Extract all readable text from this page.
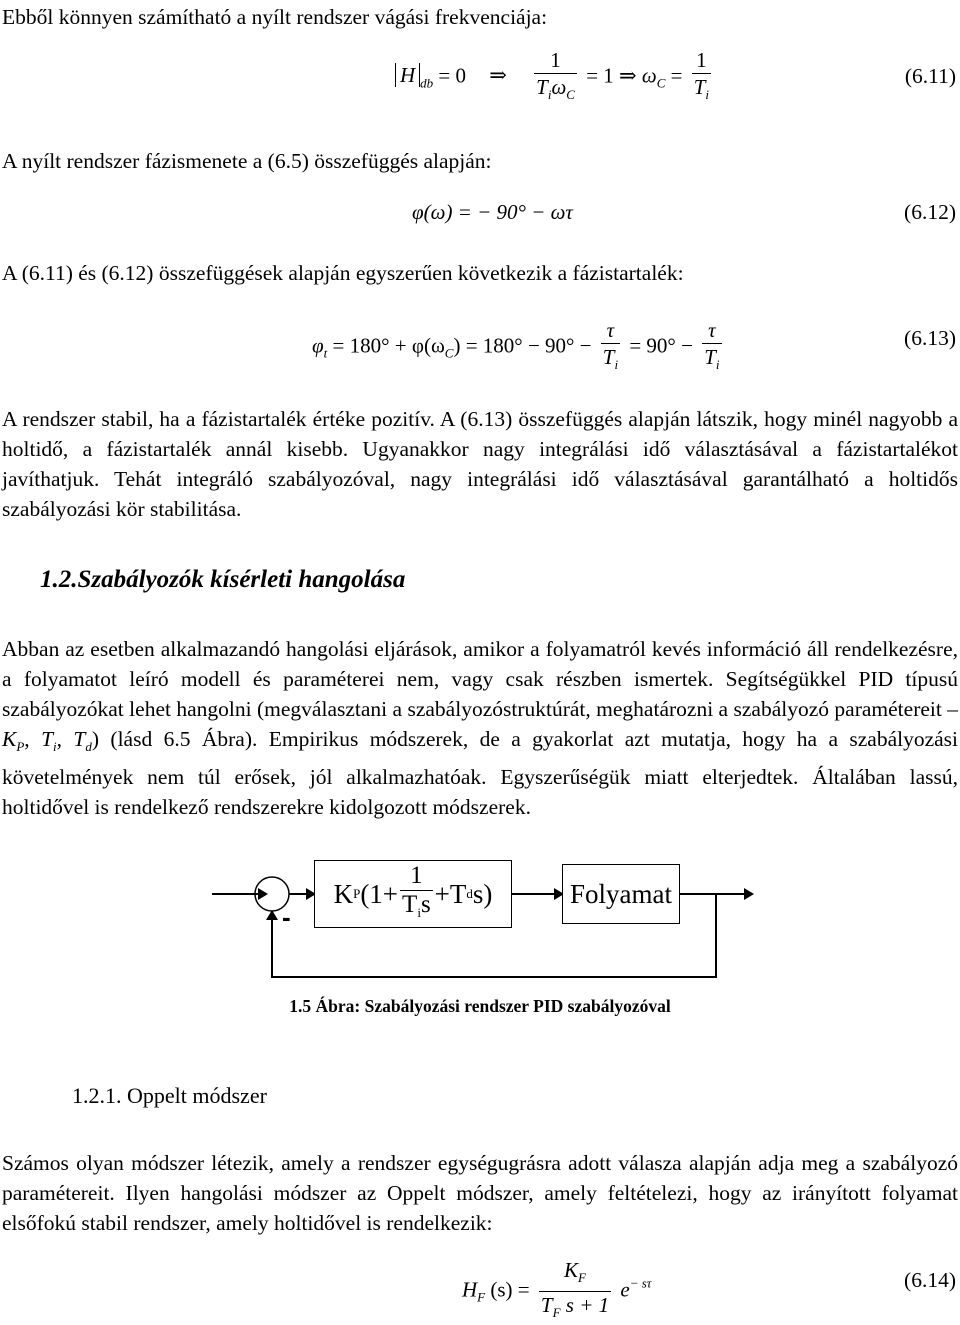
Ebből könnyen számítható a nyílt rendszer vágási frekvenciája:
H $_{db}$ = 0 ⇒ $\frac{1}{T_i\omega_C} = 1$ ⇒ $\omega_C = \frac{1}{T_i}$	(6.11)
A nyílt rendszer fázismenete a (6.5) összefüggés alapján:
φ(ω) = − 90° − ωτ	(6.12)
A (6.11) és (6.12) összefüggések alapján egyszerűen következik a fázistartalék:
$\varphi_t = 180^\circ + \varphi(\omega_C) = 180^\circ - 90^\circ - \frac{\tau}{T_i} = 90^\circ - \frac{\tau}{T_i}$	(6.13)

A rendszer stabil, ha a fázistartalék értéke pozitív. A (6.13) összefüggés alapján látszik, hogy minél nagyobb a holtidő, a fázistartalék annál kisebb. Ugyanakkor nagy integrálási idő választásával a fázistartalékot javíthatjuk. Tehát integráló szabályozóval, nagy integrálási idő választásával garantálható a holtidős szabályozási kör stabilitása.

1.2.Szabályozók kísérleti hangolása

Abban az esetben alkalmazandó hangolási eljárások, amikor a folyamatról kevés információ áll rendelkezésre, a folyamatot leíró modell és paraméterei nem, vagy csak részben ismertek. Segítségükkel PID típusú szabályozókat lehet hangolni (megválasztani a szabályozóstruktúrát, meghatározni a szabályozó paramétereit – $K_P$, $T_i$, $T_d$) (lásd 6.5 Ábra). Empirikus módszerek, de a gyakorlat azt mutatja, hogy ha a szabályozási követelmények nem túl erősek, jól alkalmazhatóak. Egyszerűségük miatt elterjedtek. Általában lassú, holtidővel is rendelkező rendszerekre kidolgozott módszerek.

-
K P ($1+ \frac{1}{T_is} +T$ d s)	Folyamat
1.5 Ábra: Szabályozási rendszer PID szabályozóval
1.2.1. Oppelt módszer

Számos olyan módszer létezik, amely a rendszer egységugrásra adott válasza alapján adja meg a szabályozó paramétereit. Ilyen hangolási módszer az Oppelt módszer, amely feltételezi, hogy az irányított folyamat elsőfokú stabil rendszer, amely holtidővel is rendelkezik:

$H_F$ $(s) = \frac{K_F}{T_F s + 1} e^{- s\tau}$	(6.14)
